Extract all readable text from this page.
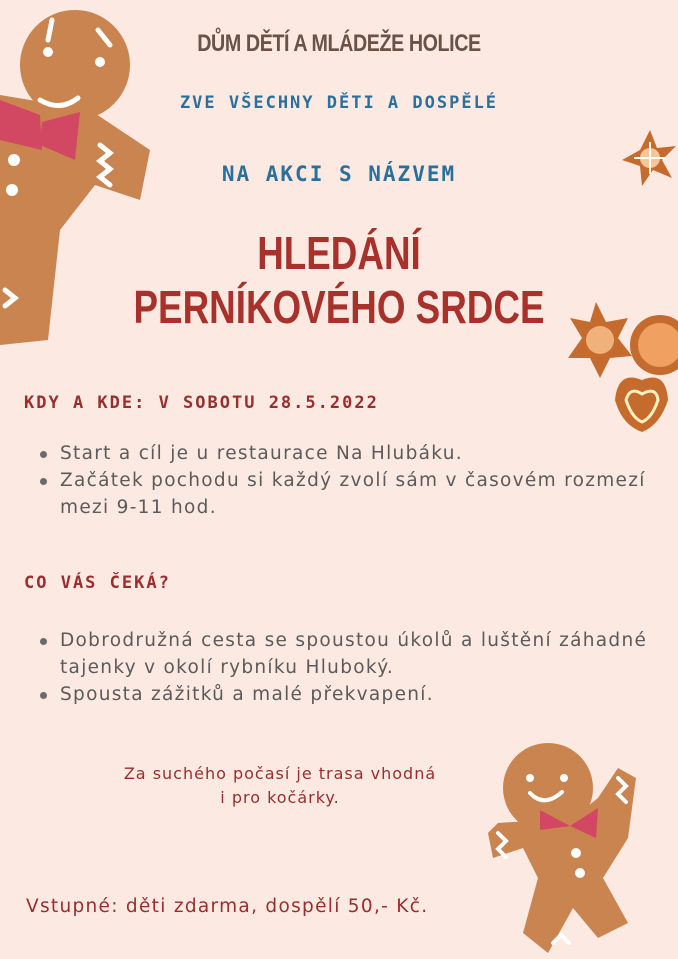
DŮM DĚTÍ A MLÁDEŽE HOLICE
ZVE VŠECHNY DĚTI A DOSPĚLÉ
NA AKCI S NÁZVEM
HLEDÁNÍ
PERNÍKOVÉHO SRDCE
KDY A KDE: V SOBOTU 28.5.2022
Start a cíl je u restaurace Na Hlubáku.
Začátek pochodu si každý zvolí sám v časovém rozmezí mezi 9-11 hod.
CO VÁS ČEKÁ?
Dobrodružná cesta se spoustou úkolů a luštění záhadné tajenky v okolí rybníku Hluboký.
Spousta zážitků a malé překvapení.
Za suchého počasí je trasa vhodná
i pro kočárky.
Vstupné: děti zdarma, dospělí 50,- Kč.
